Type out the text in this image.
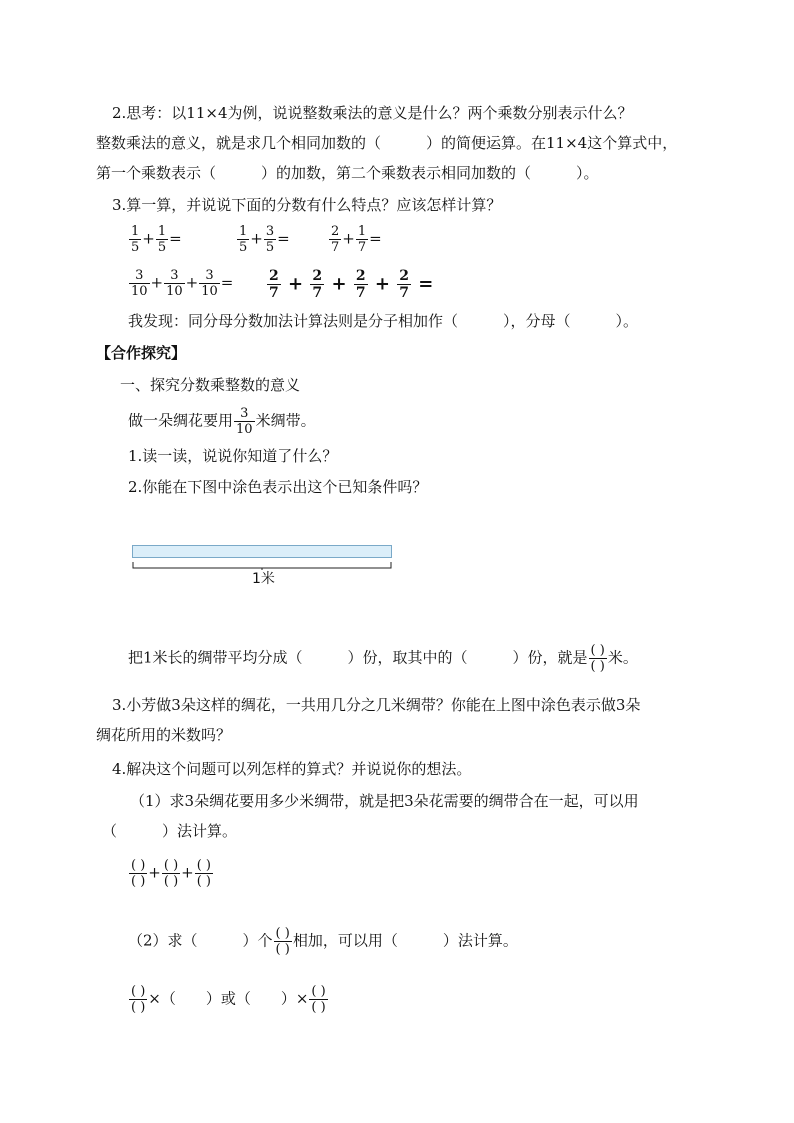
2.思考：以11×4为例，说说整数乘法的意义是什么？两个乘数分别表示什么？
整数乘法的意义，就是求几个相同加数的（　　　）的简便运算。在11×4这个算式中，
第一个乘数表示（　　　）的加数，第二个乘数表示相同加数的（　　　）。
3.算一算，并说说下面的分数有什么特点？应该怎样计算？
$\frac{1}{5} + \frac{1}{5}$ =	$\frac{1}{5} + \frac{3}{5}$ =	$\frac{2}{7} + \frac{1}{7}$ =
$\frac{3}{10} + \frac{3}{10} + \frac{3}{10} = \frac{2}{7} + \frac{2}{7} + \frac{2}{7} + \frac{2}{7}$ =
我发现：同分母分数加法计算法则是分子相加作（　　　），分母（　　　）。
【合作探究】
一、探究分数乘整数的意义
做一朵绸花要用 $\frac{3}{10}$ 米绸带。
1.读一读，说说你知道了什么？
2.你能在下图中涂色表示出这个已知条件吗？
1米
把1米长的绸带平均分成（　　　）份，取其中的（　　　）份，就是 $\frac{( )}{( )}$ 米。
3.小芳做3朵这样的绸花，一共用几分之几米绸带？你能在上图中涂色表示做3朵
绸花所用的米数吗？
4.解决这个问题可以列怎样的算式？并说说你的想法。
（1）求3朵绸花要用多少米绸带，就是把3朵花需要的绸带合在一起，可以用
（　　　）法计算。
$\frac{( )}{( )} + \frac{( )}{( )} + \frac{( )}{( )}$
（2）求（　　　）个 $\frac{( )}{( )}$ 相加，可以用（　　　）法计算。
$\frac{( )}{( )}$ ×（　　）或（　　）× $\frac{( )}{( )}$
